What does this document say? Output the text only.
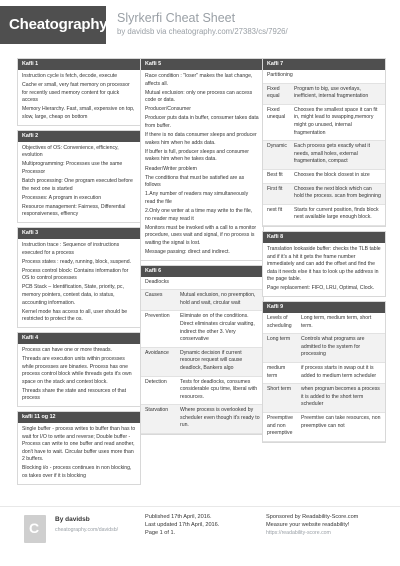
Cheatography Slyrkerfi Cheat Sheet
by davidsb via cheatography.com/27383/cs/7926/
Kafli 1

Instruction cycle is fetch, decode, execute

Cache er small, very fast memory on processor for recently used memory content for quick access

Memory Hierarchy. Fast, small, expensive on top, slow, large, cheap on bottom

Kafli 2

Objectives of OS: Convenience, efficiency, evolution

Multiprogramming: Processes use the same Processor

Batch processing: One program executed before the next one is started

Processes: A program in execution

Resource management: Fairness, Differential responsiveness, effiency

Kafli 3

Instruction trace : Sequence of instructions executed for a process

Process states : ready, running, block, suspend.

Process control block: Contains information for OS to control processes

PCB Stack – Identification, State, priority, pc, memory pointers, context data, io status, accounting information.

Kernel mode has access to all, user should be restricted to protect the os.

Kafli 4

Process can have one or more threads.

Threads are execution units within processes while processes are binaries. Process has one process control block while threads gets it's own space on the stack and context block.

Threads share the state and resources of that process

kafli 11 og 12

Single buffer - process writes to buffer than has to wait for I/O to write and reverse; Double buffer - Process can write to one buffer and read another, don't have to wait. Circular buffer uses more than 2 buffers.

Blocking i/o - process continues in non blocking, os takes over if it is blocking

Kafli 5

Race condition : "loser" makes the last change, affects all.

Mutual exclusion: only one process can access code or data.

Producer/Consumer

Producer puts data in buffer, consumer takes data from buffer.

If there is no data consumer sleeps and producer wakes him when he adds data.

If buffer is full, producer sleeps and consumer wakes him when he takes data.

Reader/Writer problem

The conditions that must be satisfied are as follows

1.Any number of readers may simultaneously read the file

2.Only one writer at a time may write to the file, no reader may read it

Monitors must be invoked with a call to a monitor procedure, uses wait and signal, if no process is waiting the signal is lost.

Message passing: direct and indirect.

Kafli 6
Deadlocks	
Causes	Mutual exclusion, no preemption, hold and wait, circular wait
Prevention	Eliminate on of the conditions. Direct eliminates circular waiting, indirect the other 3. Very conservative
Avoidance	Dynamic decision if current resource request will cause deadlock, Bankers algo
Detection	Tests for deadlocks, consumes considerable cpu time, liberal with resources.
Starvation	Where process is overlooked by scheduler even though it's ready to run.
Kafli 7
Partitioning	
Fixed equal	Program to big, use overlays, inefficient, internal fragmentation
Fixed unequal	Chooses the smallest space it can fit in, might lead to swapping,memory might go unused, internal fragmentation
Dynamic	Each process gets exactly what it needs, small holes, external fragmentation, compact
Best fit	Chooses the block closest in size
First fit	Chooses the next block which can hold the process. scan from beginning
next fit	Starts for current position, finds block next available large enough block.
Kafli 8

Translation lookaside buffer: checks the TLB table and if it's a hit it gets the frame number immediately and can add the offset and find the data it needs else it has to look up the address in the page table.

Page replacement: FIFO, LRU, Optimal, Clock.

Kafli 9
Levels of scheduling	Long term, medium term, short term.
Long term	Controls what programs are admitted to the system for processing
medium term	if process starts in swap out it is added to medium term scheduler
Short term	when program becomes a process it is added to the short term scheduler
Preemptive and non preemptive	Preemtive can take resources, non preemptive can not
C
By davidsb
cheatography.com/davidsb/
Published 17th April, 2016.
Last updated 17th April, 2016.
Page 1 of 1.
Sponsored by Readability-Score.com
Measure your website readability!
https://readability-score.com
